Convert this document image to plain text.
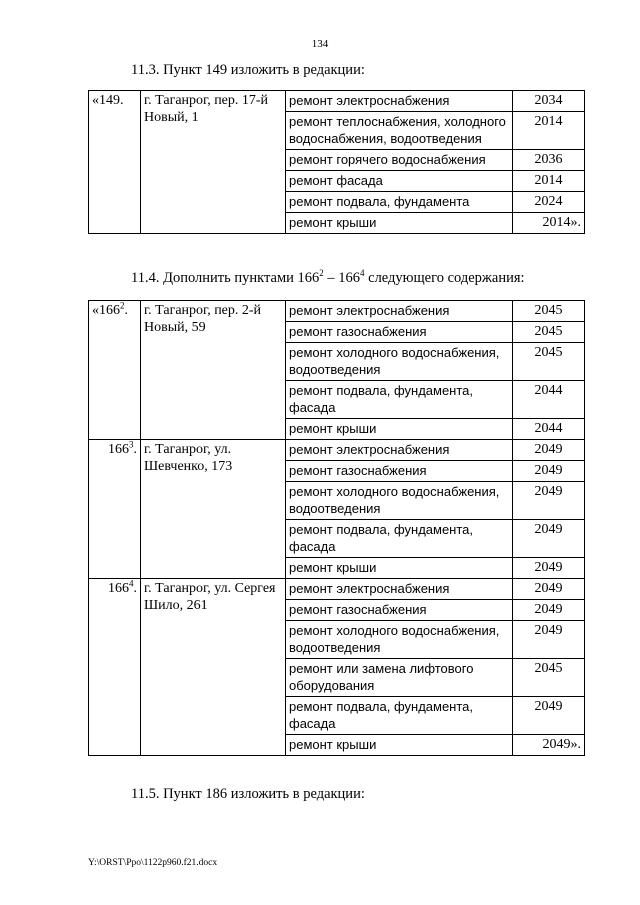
134
11.3. Пункт 149 изложить в редакции:
«149.	г. Таганрог, пер. 17-й Новый, 1	ремонт электроснабжения	2034
		ремонт теплоснабжения, холодного водоснабжения, водоотведения	2014
		ремонт горячего водоснабжения	2036
		ремонт фасада	2014
		ремонт подвала, фундамента	2024
		ремонт крыши	2014».
11.4. Дополнить пунктами $166^2 - 166^4$ следующего содержания:
«$166^2$.	г. Таганрог, пер. 2-й Новый, 59	ремонт электроснабжения	2045
		ремонт газоснабжения	2045
		ремонт холодного водоснабжения, водоотведения	2045
		ремонт подвала, фундамента, фасада	2044
		ремонт крыши	2044
$166^3$.	г. Таганрог, ул. Шевченко, 173	ремонт электроснабжения	2049
		ремонт газоснабжения	2049
		ремонт холодного водоснабжения, водоотведения	2049
		ремонт подвала, фундамента, фасада	2049
		ремонт крыши	2049
$166^4$.	г. Таганрог, ул. Сергея Шило, 261	ремонт электроснабжения	2049
		ремонт газоснабжения	2049
		ремонт холодного водоснабжения, водоотведения	2049
		ремонт или замена лифтового оборудования	2045
		ремонт подвала, фундамента, фасада	2049
		ремонт крыши	2049».
11.5. Пункт 186 изложить в редакции:
Y:\ORST\Ppo\1122p960.f21.docx
